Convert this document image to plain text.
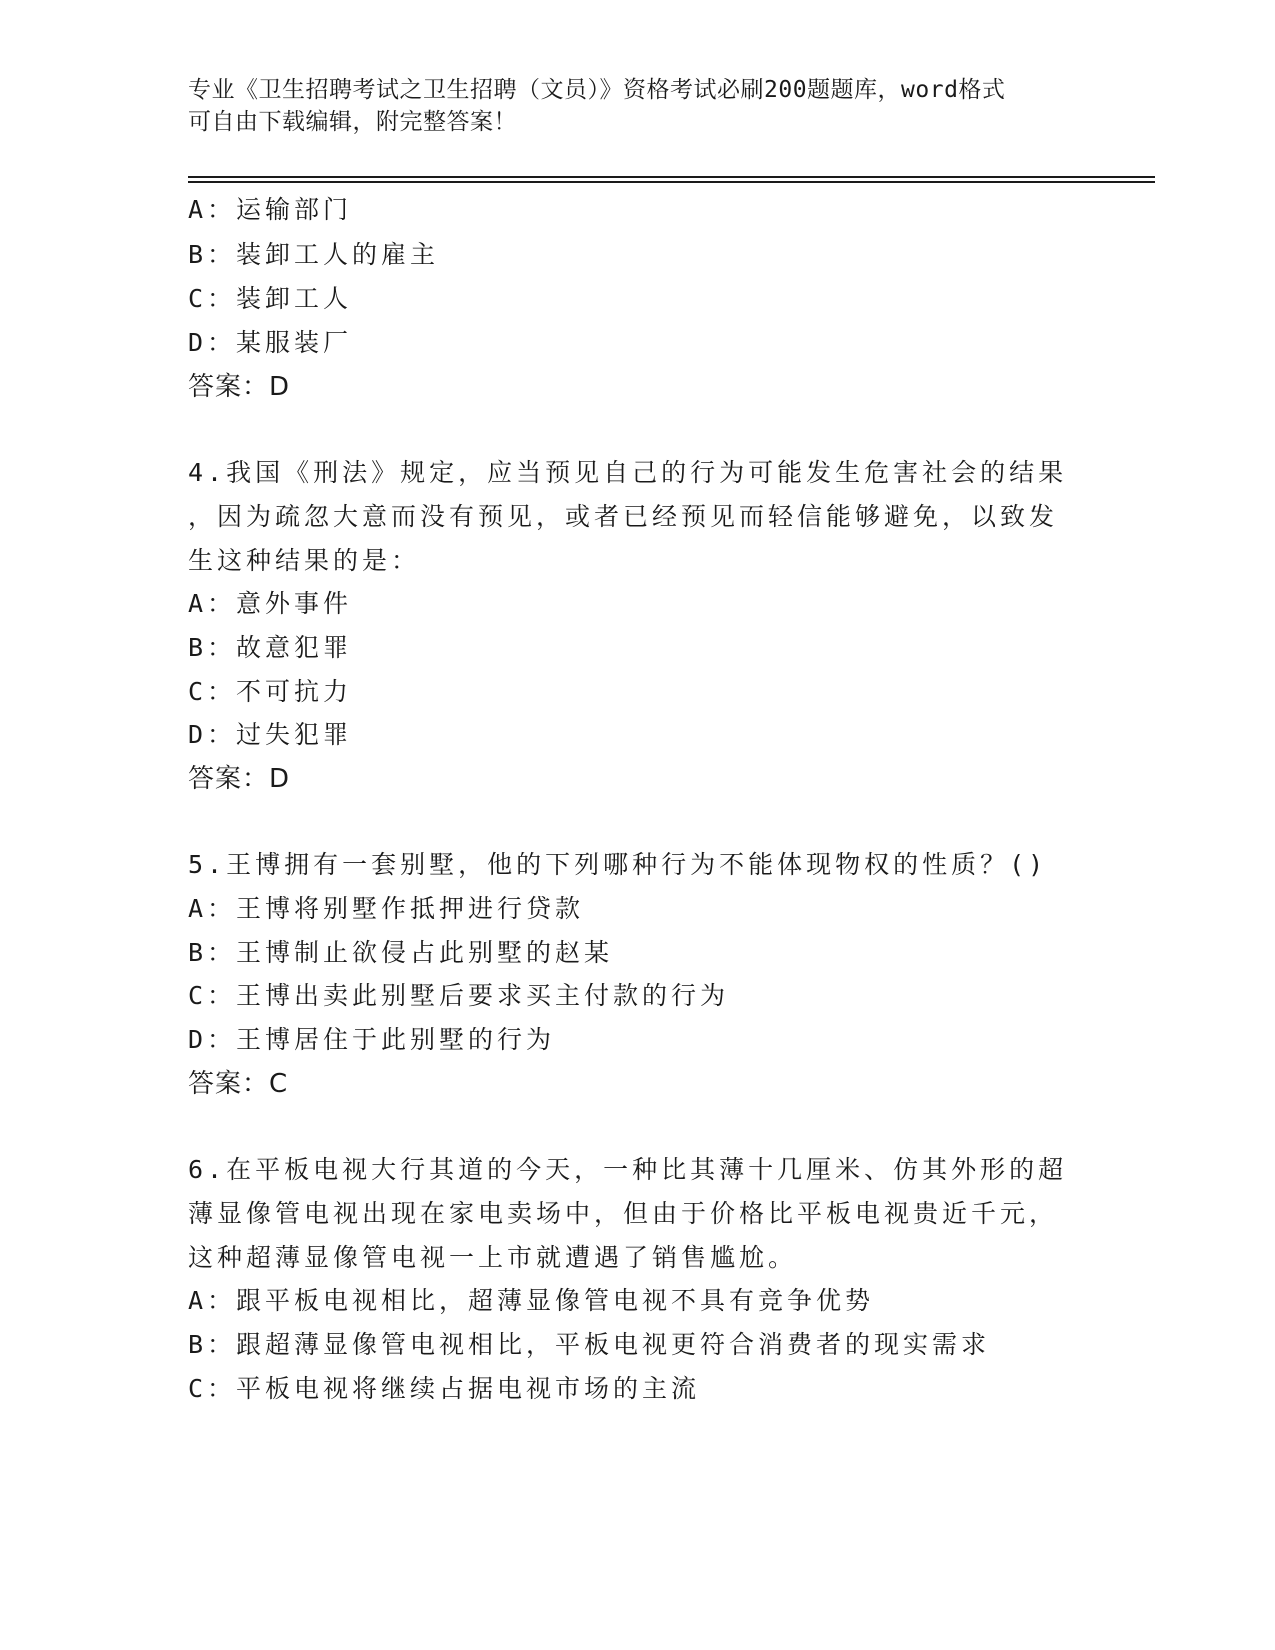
专业《卫生招聘考试之卫生招聘（文员）》资格考试必刷200题题库，word格式
可自由下载编辑，附完整答案！
A：运输部门
B：装卸工人的雇主
C：装卸工人
D：某服装厂
答案：D
4.我国《刑法》规定，应当预见自己的行为可能发生危害社会的结果
，因为疏忽大意而没有预见，或者已经预见而轻信能够避免，以致发
生这种结果的是：
A：意外事件
B：故意犯罪
C：不可抗力
D：过失犯罪
答案：D
5.王博拥有一套别墅，他的下列哪种行为不能体现物权的性质？()
A：王博将别墅作抵押进行贷款
B：王博制止欲侵占此别墅的赵某
C：王博出卖此别墅后要求买主付款的行为
D：王博居住于此别墅的行为
答案：C
6.在平板电视大行其道的今天，一种比其薄十几厘米、仿其外形的超
薄显像管电视出现在家电卖场中，但由于价格比平板电视贵近千元，
这种超薄显像管电视一上市就遭遇了销售尴尬。
A：跟平板电视相比，超薄显像管电视不具有竞争优势
B：跟超薄显像管电视相比，平板电视更符合消费者的现实需求
C：平板电视将继续占据电视市场的主流
